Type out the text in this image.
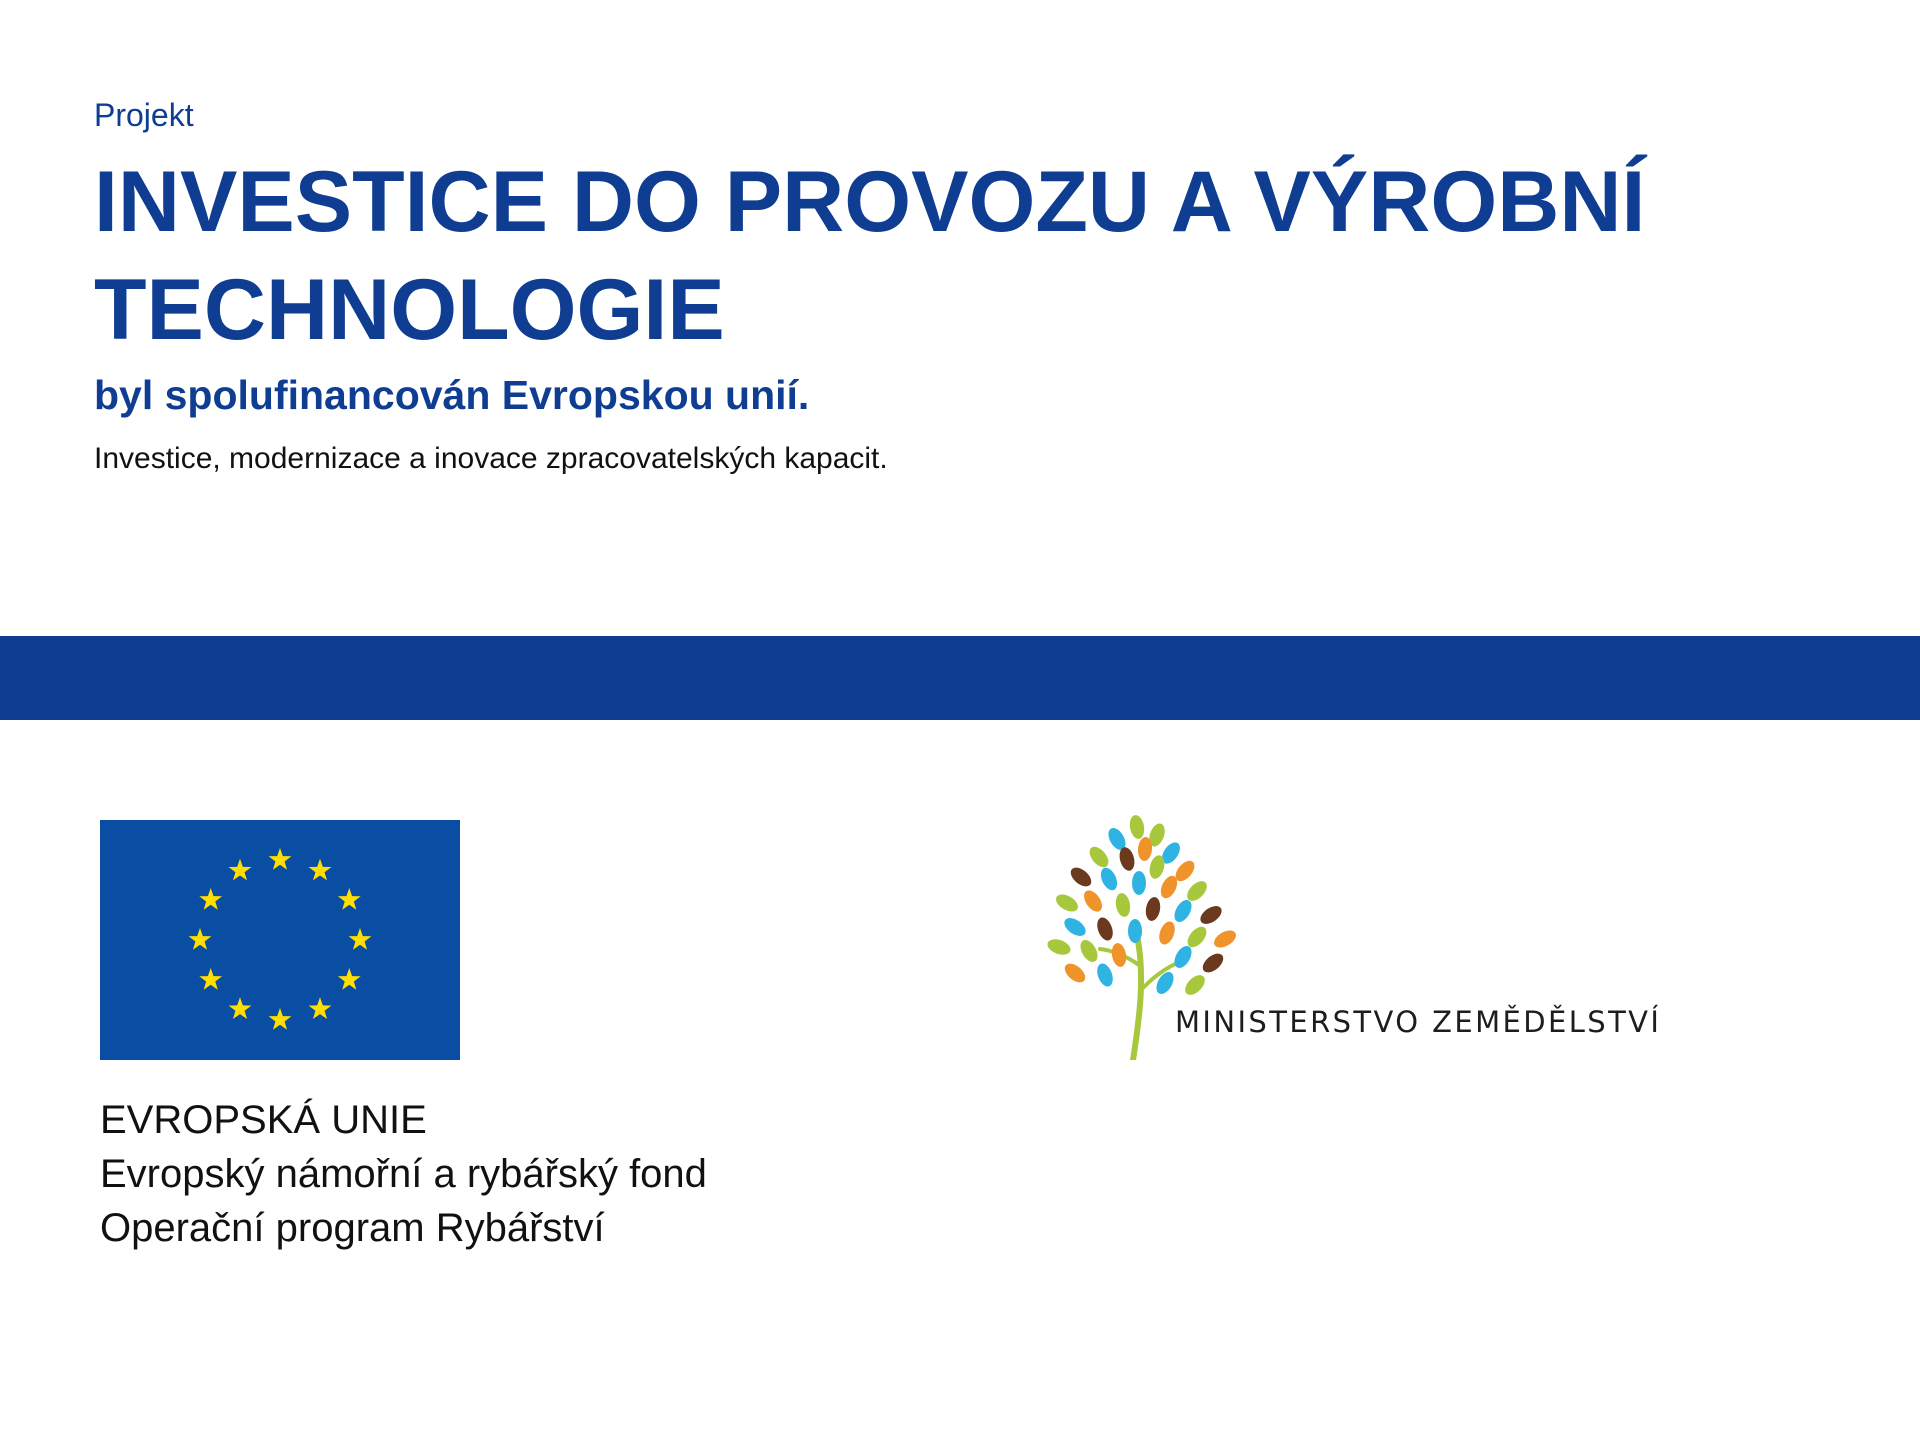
Projekt
INVESTICE DO PROVOZU A VÝROBNÍ
TECHNOLOGIE
byl spolufinancován Evropskou unií.
Investice, modernizace a inovace zpracovatelských kapacit.
EVROPSKÁ UNIE
Evropský námořní a rybářský fond
Operační program Rybářství
MINISTERSTVO ZEMĚDĚLSTVÍ
